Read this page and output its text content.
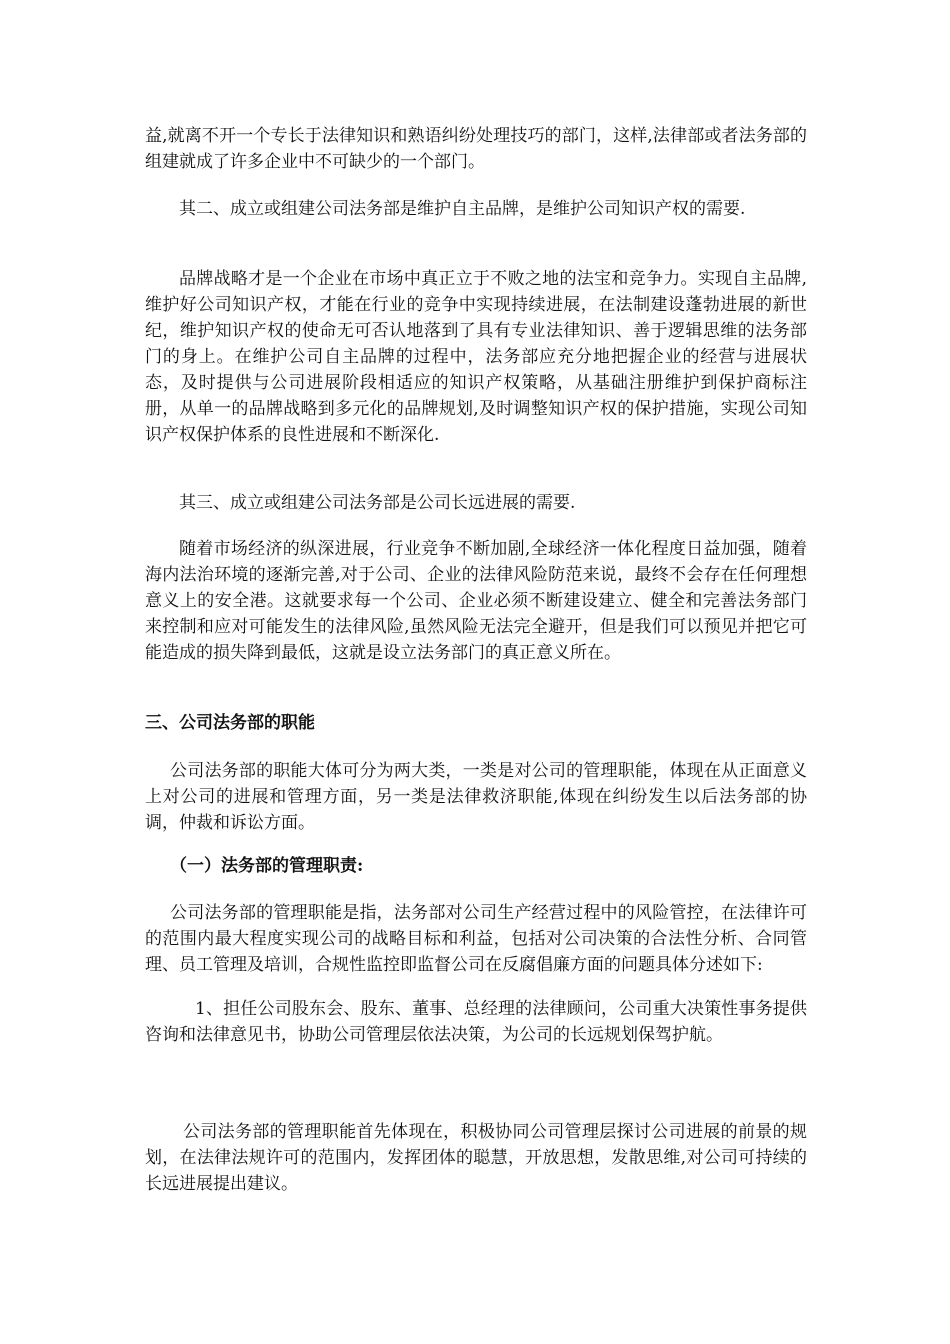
益,就离不开一个专长于法律知识和熟语纠纷处理技巧的部门，这样,法律部或者法务部的组建就成了许多企业中不可缺少的一个部门。

其二、成立或组建公司法务部是维护自主品牌，是维护公司知识产权的需要.

品牌战略才是一个企业在市场中真正立于不败之地的法宝和竞争力。实现自主品牌,维护好公司知识产权，才能在行业的竞争中实现持续进展，在法制建设蓬勃进展的新世纪，维护知识产权的使命无可否认地落到了具有专业法律知识、善于逻辑思维的法务部门的身上。在维护公司自主品牌的过程中，法务部应充分地把握企业的经营与进展状态，及时提供与公司进展阶段相适应的知识产权策略，从基础注册维护到保护商标注册，从单一的品牌战略到多元化的品牌规划,及时调整知识产权的保护措施，实现公司知识产权保护体系的良性进展和不断深化.

其三、成立或组建公司法务部是公司长远进展的需要.

随着市场经济的纵深进展，行业竞争不断加剧,全球经济一体化程度日益加强，随着海内法治环境的逐渐完善,对于公司、企业的法律风险防范来说，最终不会存在任何理想意义上的安全港。这就要求每一个公司、企业必须不断建设建立、健全和完善法务部门来控制和应对可能发生的法律风险,虽然风险无法完全避开，但是我们可以预见并把它可能造成的损失降到最低，这就是设立法务部门的真正意义所在。

三、公司法务部的职能

公司法务部的职能大体可分为两大类，一类是对公司的管理职能，体现在从正面意义上对公司的进展和管理方面，另一类是法律救济职能,体现在纠纷发生以后法务部的协调，仲裁和诉讼方面。

（一）法务部的管理职责:

公司法务部的管理职能是指，法务部对公司生产经营过程中的风险管控，在法律许可的范围内最大程度实现公司的战略目标和利益，包括对公司决策的合法性分析、合同管理、员工管理及培训，合规性监控即监督公司在反腐倡廉方面的问题具体分述如下:

1、担任公司股东会、股东、董事、总经理的法律顾问，公司重大决策性事务提供咨询和法律意见书，协助公司管理层依法决策，为公司的长远规划保驾护航。

公司法务部的管理职能首先体现在，积极协同公司管理层探讨公司进展的前景的规划，在法律法规许可的范围内，发挥团体的聪慧，开放思想，发散思维,对公司可持续的长远进展提出建议。
